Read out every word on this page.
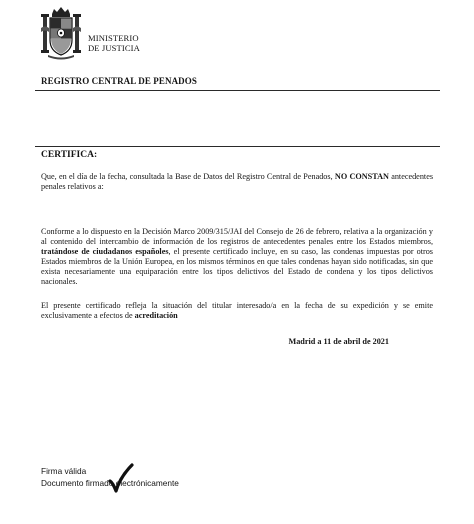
MINISTERIO
DE JUSTICIA
REGISTRO CENTRAL DE PENADOS
CERTIFICA:
Que, en el día de la fecha, consultada la Base de Datos del Registro Central de Penados, NO CONSTAN antecedentes penales relativos a:
Conforme a lo dispuesto en la Decisión Marco 2009/315/JAI del Consejo de 26 de febrero, relativa a la organización y al contenido del intercambio de información de los registros de antecedentes penales entre los Estados miembros, tratándose de ciudadanos españoles, el presente certificado incluye, en su caso, las condenas impuestas por otros Estados miembros de la Unión Europea, en los mismos términos en que tales condenas hayan sido notificadas, sin que exista necesariamente una equiparación entre los tipos delictivos del Estado de condena y los tipos delictivos nacionales.
El presente certificado refleja la situación del titular interesado/a en la fecha de su expedición y se emite exclusivamente a efectos de acreditación
Madrid a 11 de abril de 2021
Firma válida
Documento firmado electrónicamente
